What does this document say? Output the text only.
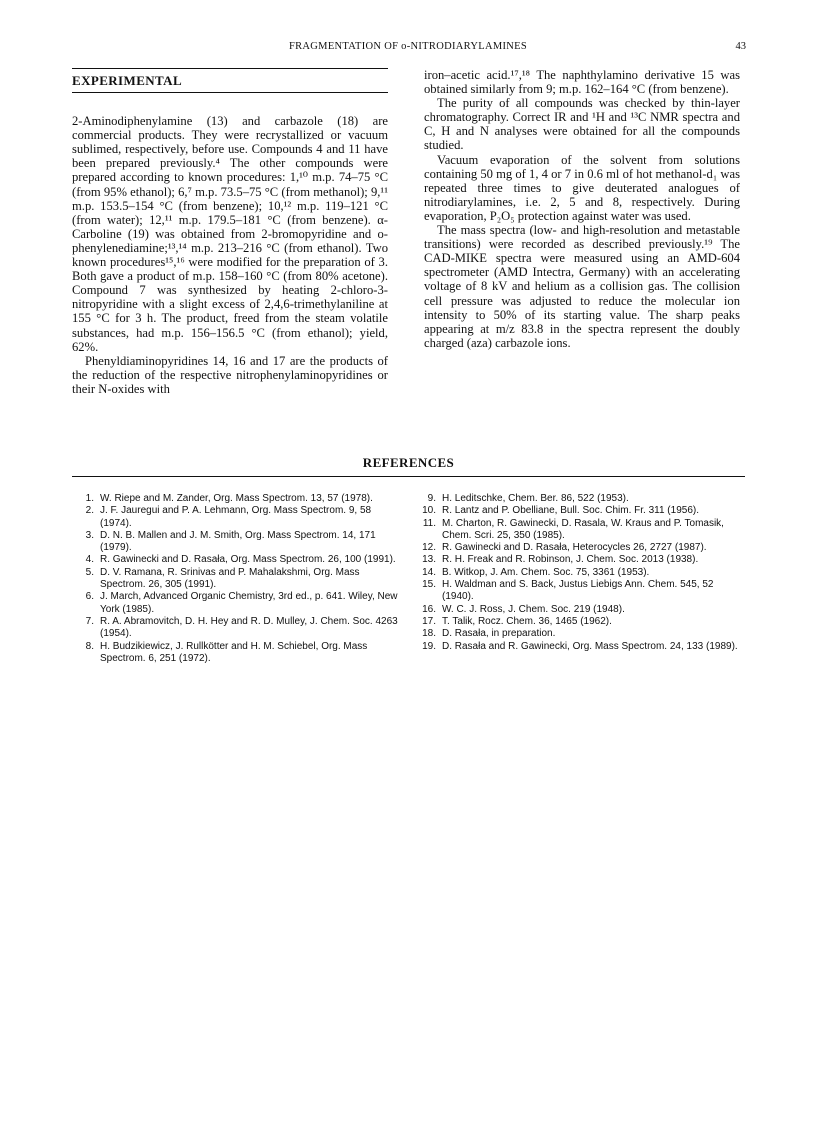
FRAGMENTATION OF o-NITRODIARYLAMINES	43
EXPERIMENTAL

2-Aminodiphenylamine (13) and carbazole (18) are commercial products. They were recrystallized or vacuum sublimed, respectively, before use. Compounds 4 and 11 have been prepared previously.⁴ The other compounds were prepared according to known procedures: 1,¹⁰ m.p. 74–75 °C (from 95% ethanol); 6,⁷ m.p. 73.5–75 °C (from methanol); 9,¹¹ m.p. 153.5–154 °C (from benzene); 10,¹² m.p. 119–121 °C (from water); 12,¹¹ m.p. 179.5–181 °C (from benzene). α-Carboline (19) was obtained from 2-bromopyridine and o-phenylenediamine;¹³,¹⁴ m.p. 213–216 °C (from ethanol). Two known procedures¹⁵,¹⁶ were modified for the preparation of 3. Both gave a product of m.p. 158–160 °C (from 80% acetone). Compound 7 was synthesized by heating 2-chloro-3-nitropyridine with a slight excess of 2,4,6-trimethylaniline at 155 °C for 3 h. The product, freed from the steam volatile substances, had m.p. 156–156.5 °C (from ethanol); yield, 62%.

Phenyldiaminopyridines 14, 16 and 17 are the products of the reduction of the respective nitrophenylaminopyridines or their N-oxides with

iron–acetic acid.¹⁷,¹⁸ The naphthylamino derivative 15 was obtained similarly from 9; m.p. 162–164 °C (from benzene).

The purity of all compounds was checked by thin-layer chromatography. Correct IR and ¹H and ¹³C NMR spectra and C, H and N analyses were obtained for all the compounds studied.

Vacuum evaporation of the solvent from solutions containing 50 mg of 1, 4 or 7 in 0.6 ml of hot methanol-d₁ was repeated three times to give deuterated analogues of nitrodiarylamines, i.e. 2, 5 and 8, respectively. During evaporation, P₂O₅ protection against water was used.

The mass spectra (low- and high-resolution and metastable transitions) were recorded as described previously.¹⁹ The CAD-MIKE spectra were measured using an AMD-604 spectrometer (AMD Intectra, Germany) with an accelerating voltage of 8 kV and helium as a collision gas. The collision cell pressure was adjusted to reduce the molecular ion intensity to 50% of its starting value. The sharp peaks appearing at m/z 83.8 in the spectra represent the doubly charged (aza) carbazole ions.

REFERENCES
1. W. Riepe and M. Zander, Org. Mass Spectrom. 13, 57 (1978).
2. J. F. Jauregui and P. A. Lehmann, Org. Mass Spectrom. 9, 58 (1974).
3. D. N. B. Mallen and J. M. Smith, Org. Mass Spectrom. 14, 171 (1979).
4. R. Gawinecki and D. Rasała, Org. Mass Spectrom. 26, 100 (1991).
5. D. V. Ramana, R. Srinivas and P. Mahalakshmi, Org. Mass Spectrom. 26, 305 (1991).
6. J. March, Advanced Organic Chemistry, 3rd ed., p. 641. Wiley, New York (1985).
7. R. A. Abramovitch, D. H. Hey and R. D. Mulley, J. Chem. Soc. 4263 (1954).
8. H. Budzikiewicz, J. Rullkötter and H. M. Schiebel, Org. Mass Spectrom. 6, 251 (1972).
9. H. Leditschke, Chem. Ber. 86, 522 (1953).
10. R. Lantz and P. Obelliane, Bull. Soc. Chim. Fr. 311 (1956).
11. M. Charton, R. Gawinecki, D. Rasala, W. Kraus and P. Tomasik, Chem. Scri. 25, 350 (1985).
12. R. Gawinecki and D. Rasała, Heterocycles 26, 2727 (1987).
13. R. H. Freak and R. Robinson, J. Chem. Soc. 2013 (1938).
14. B. Witkop, J. Am. Chem. Soc. 75, 3361 (1953).
15. H. Waldman and S. Back, Justus Liebigs Ann. Chem. 545, 52 (1940).
16. W. C. J. Ross, J. Chem. Soc. 219 (1948).
17. T. Talik, Rocz. Chem. 36, 1465 (1962).
18. D. Rasała, in preparation.
19. D. Rasała and R. Gawinecki, Org. Mass Spectrom. 24, 133 (1989).
